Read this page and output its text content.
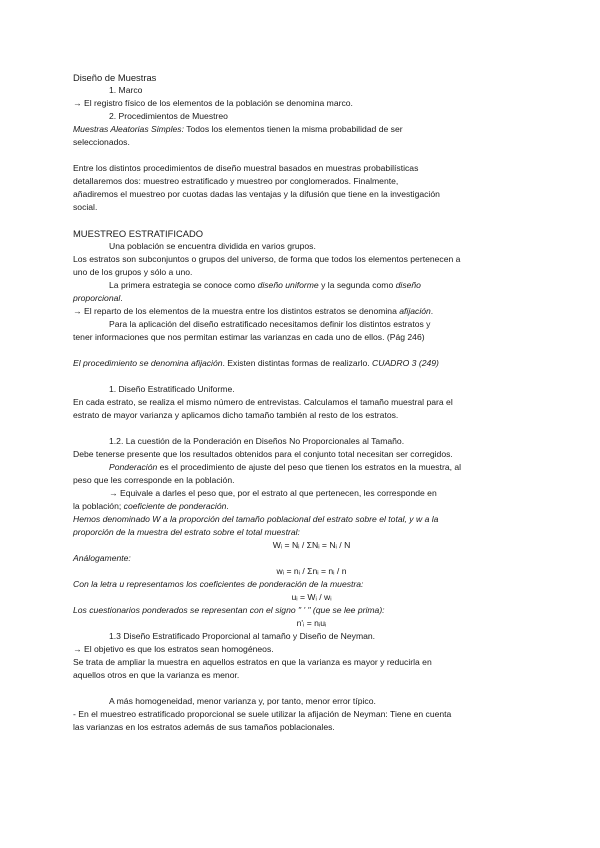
Diseño de Muestras

1. Marco

→ El registro físico de los elementos de la población se denomina marco.

2. Procedimientos de Muestreo

Muestras Aleatorias Simples: Todos los elementos tienen la misma probabilidad de ser

seleccionados.

Entre los distintos procedimientos de diseño muestral basados en muestras probabilísticas

detallaremos dos: muestreo estratificado y muestreo por conglomerados. Finalmente,

añadiremos el muestreo por cuotas dadas las ventajas y la difusión que tiene en la investigación

social.

MUESTREO ESTRATIFICADO

Una población se encuentra dividida en varios grupos.

Los estratos son subconjuntos o grupos del universo, de forma que todos los elementos pertenecen a

uno de los grupos y sólo a uno.

La primera estrategia se conoce como diseño uniforme y la segunda como diseño

proporcional.

→ El reparto de los elementos de la muestra entre los distintos estratos se denomina afijación.

Para la aplicación del diseño estratificado necesitamos definir los distintos estratos y

tener informaciones que nos permitan estimar las varianzas en cada uno de ellos. (Pág 246)

El procedimiento se denomina afijación. Existen distintas formas de realizarlo. CUADRO 3 (249)

1. Diseño Estratificado Uniforme.

En cada estrato, se realiza el mismo número de entrevistas. Calculamos el tamaño muestral para el

estrato de mayor varianza y aplicamos dicho tamaño también al resto de los estratos.

1.2. La cuestión de la Ponderación en Diseños No Proporcionales al Tamaño.

Debe tenerse presente que los resultados obtenidos para el conjunto total necesitan ser corregidos.

Ponderación es el procedimiento de ajuste del peso que tienen los estratos en la muestra, al

peso que les corresponde en la población.

→ Equivale a darles el peso que, por el estrato al que pertenecen, les corresponde en

la población; coeficiente de ponderación.

Hemos denominado W a la proporción del tamaño poblacional del estrato sobre el total, y w a la

proporción de la muestra del estrato sobre el total muestral:

Wᵢ = Nᵢ / ΣNᵢ = Nᵢ / N

Análogamente:

wᵢ = nᵢ / Σnᵢ = nᵢ / n

Con la letra u representamos los coeficientes de ponderación de la muestra:

uᵢ = Wᵢ / wᵢ

Los cuestionarios ponderados se representan con el signo " ' " (que se lee prima):

n'ᵢ = nᵢuᵢ

1.3 Diseño Estratificado Proporcional al tamaño y Diseño de Neyman.

→ El objetivo es que los estratos sean homogéneos.

Se trata de ampliar la muestra en aquellos estratos en que la varianza es mayor y reducirla en

aquellos otros en que la varianza es menor.

A más homogeneidad, menor varianza y, por tanto, menor error típico.

- En el muestreo estratificado proporcional se suele utilizar la afijación de Neyman: Tiene en cuenta

las varianzas en los estratos además de sus tamaños poblacionales.
